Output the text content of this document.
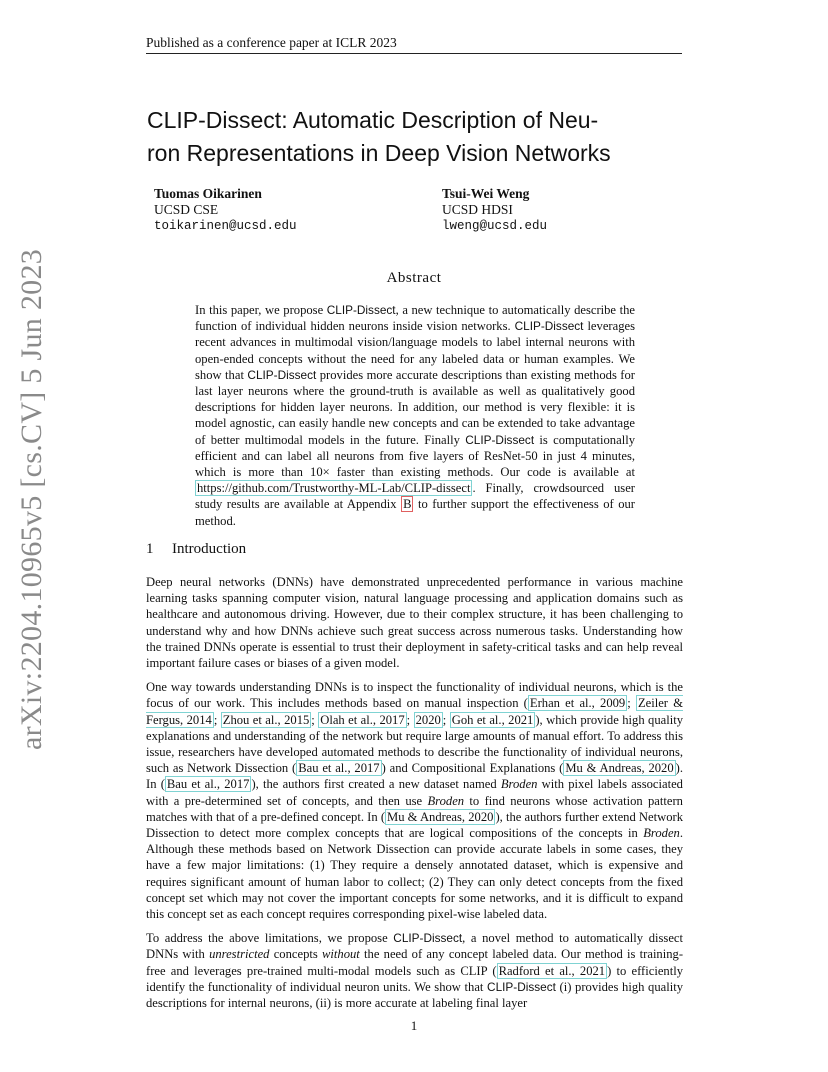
Published as a conference paper at ICLR 2023
arXiv:2204.10965v5 [cs.CV] 5 Jun 2023
CLIP-Dissect: Automatic Description of Neu-
ron Representations in Deep Vision Networks
Tuomas Oikarinen
UCSD CSE
toikarinen@ucsd.edu
Tsui-Wei Weng
UCSD HDSI
lweng@ucsd.edu
Abstract
In this paper, we propose CLIP-Dissect, a new technique to automatically describe the function of individual hidden neurons inside vision networks. CLIP-Dissect leverages recent advances in multimodal vision/language models to label internal neurons with open-ended concepts without the need for any labeled data or human examples. We show that CLIP-Dissect provides more accurate descriptions than existing methods for last layer neurons where the ground-truth is available as well as qualitatively good descriptions for hidden layer neurons. In addition, our method is very flexible: it is model agnostic, can easily handle new concepts and can be extended to take advantage of better multimodal models in the future. Finally CLIP-Dissect is computationally efficient and can label all neurons from five layers of ResNet-50 in just 4 minutes, which is more than 10× faster than existing methods. Our code is available at https://github.com/Trustworthy-ML-Lab/CLIP-dissect . Finally, crowdsourced user study results are available at Appendix B to further support the effectiveness of our method.
1 Introduction

Deep neural networks (DNNs) have demonstrated unprecedented performance in various machine learning tasks spanning computer vision, natural language processing and application domains such as healthcare and autonomous driving. However, due to their complex structure, it has been challenging to understand why and how DNNs achieve such great success across numerous tasks. Understanding how the trained DNNs operate is essential to trust their deployment in safety-critical tasks and can help reveal important failure cases or biases of a given model.

One way towards understanding DNNs is to inspect the functionality of individual neurons, which is the focus of our work. This includes methods based on manual inspection ( Erhan et al., 2009 ; Zeiler & Fergus, 2014 ; Zhou et al., 2015 ; Olah et al., 2017 ; 2020 ; Goh et al., 2021 ), which provide high quality explanations and understanding of the network but require large amounts of manual effort. To address this issue, researchers have developed automated methods to describe the functionality of individual neurons, such as Network Dissection ( Bau et al., 2017 ) and Compositional Explanations ( Mu & Andreas, 2020 ). In ( Bau et al., 2017 ), the authors first created a new dataset named Broden with pixel labels associated with a pre-determined set of concepts, and then use Broden to find neurons whose activation pattern matches with that of a pre-defined concept. In ( Mu & Andreas, 2020 ), the authors further extend Network Dissection to detect more complex concepts that are logical compositions of the concepts in Broden. Although these methods based on Network Dissection can provide accurate labels in some cases, they have a few major limitations: (1) They require a densely annotated dataset, which is expensive and requires significant amount of human labor to collect; (2) They can only detect concepts from the fixed concept set which may not cover the important concepts for some networks, and it is difficult to expand this concept set as each concept requires corresponding pixel-wise labeled data.

To address the above limitations, we propose CLIP-Dissect, a novel method to automatically dissect DNNs with unrestricted concepts without the need of any concept labeled data. Our method is training-free and leverages pre-trained multi-modal models such as CLIP ( Radford et al., 2021 ) to efficiently identify the functionality of individual neuron units. We show that CLIP-Dissect (i) provides high quality descriptions for internal neurons, (ii) is more accurate at labeling final layer

1
